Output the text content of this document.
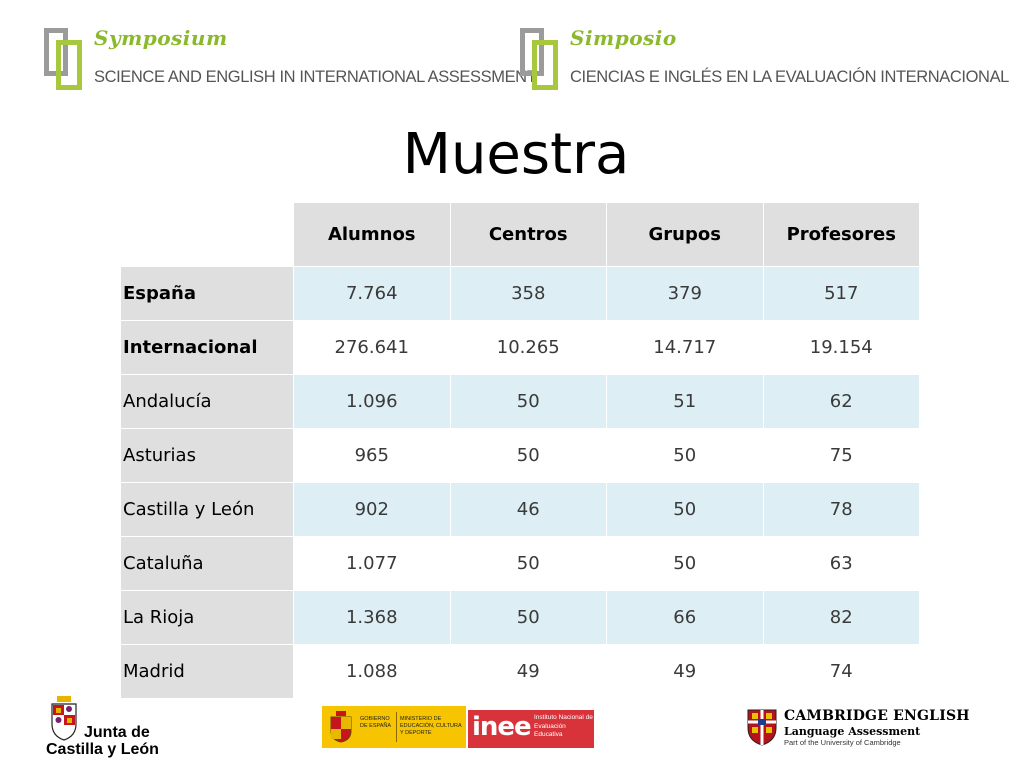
Symposium
SCIENCE AND ENGLISH IN INTERNATIONAL ASSESSMENT
Simposio
CIENCIAS E INGLÉS EN LA EVALUACIÓN INTERNACIONAL
Muestra
	Alumnos	Centros	Grupos	Profesores
España	7.764	358	379	517
Internacional	276.641	10.265	14.717	19.154
Andalucía	1.096	50	51	62
Asturias	965	50	50	75
Castilla y León	902	46	50	78
Cataluña	1.077	50	50	63
La Rioja	1.368	50	66	82
Madrid	1.088	49	49	74
Junta de
Castilla y León
GOBIERNO DE ESPAÑA
MINISTERIO DE EDUCACIÓN, CULTURA Y DEPORTE	inee Instituto Nacional de Evaluación Educativa
CAMBRIDGE ENGLISH
Language Assessment
Part of the University of Cambridge
